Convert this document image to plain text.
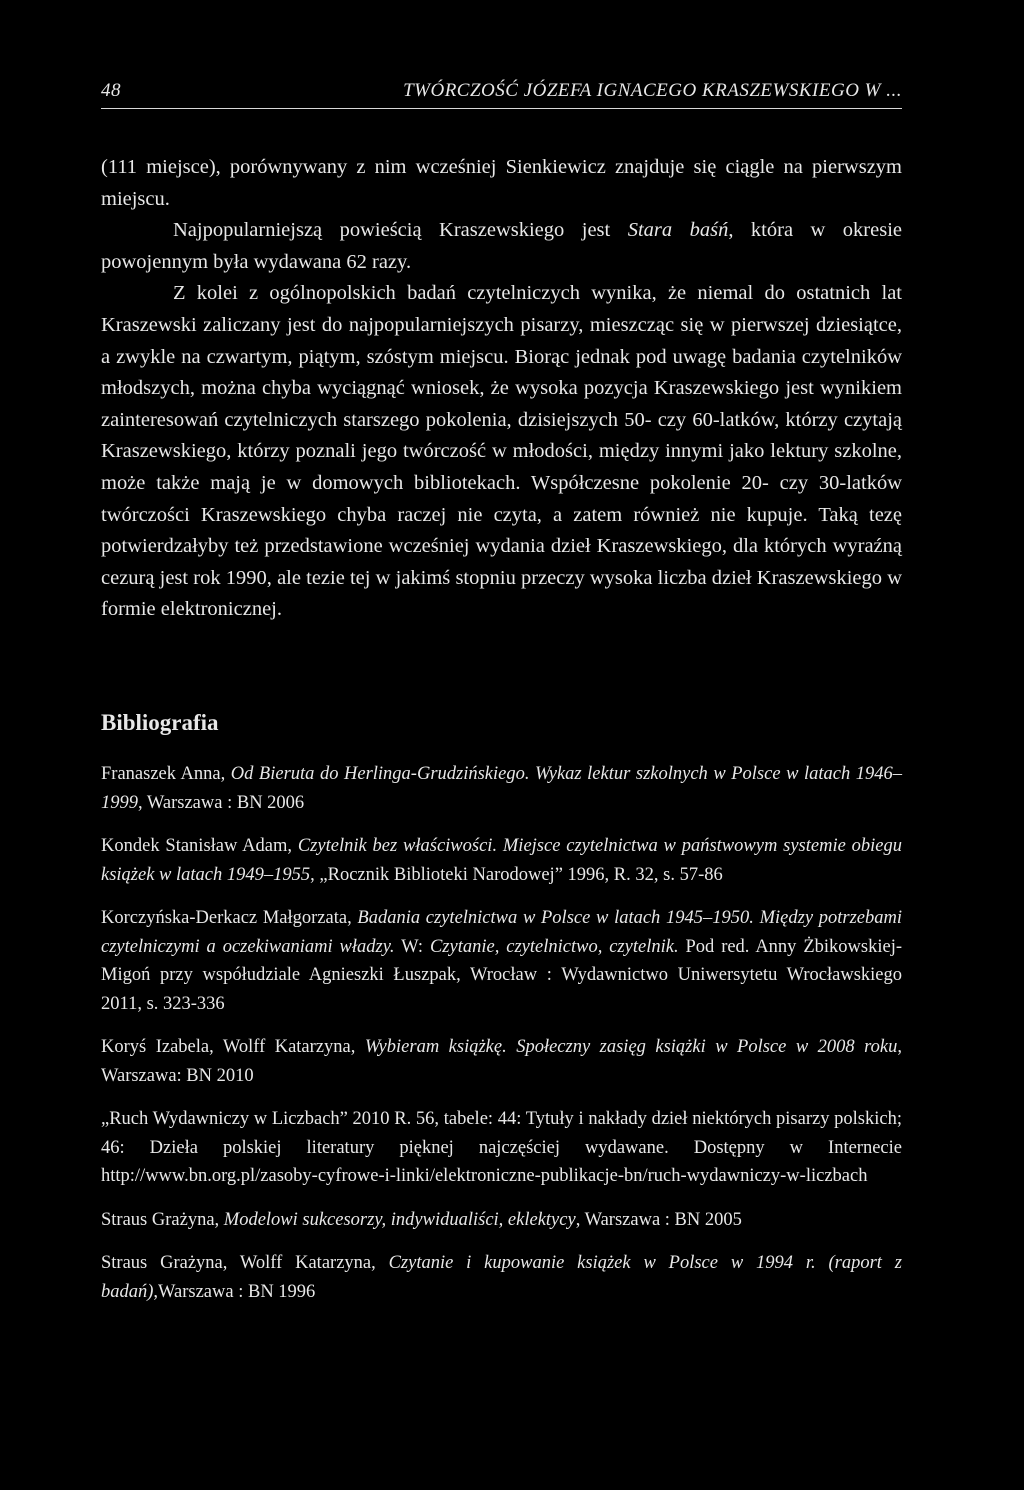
48	TWÓRCZOŚĆ JÓZEFA IGNACEGO KRASZEWSKIEGO W ...

(111 miejsce), porównywany z nim wcześniej Sienkiewicz znajduje się ciągle na pierwszym miejscu.

Najpopularniejszą powieścią Kraszewskiego jest Stara baśń, która w okresie powojennym była wydawana 62 razy.

Z kolei z ogólnopolskich badań czytelniczych wynika, że niemal do ostatnich lat Kraszewski zaliczany jest do najpopularniejszych pisarzy, mieszcząc się w pierwszej dziesiątce, a zwykle na czwartym, piątym, szóstym miejscu. Biorąc jednak pod uwagę badania czytelników młodszych, można chyba wyciągnąć wniosek, że wysoka pozycja Kraszewskiego jest wynikiem zainteresowań czytelniczych starszego pokolenia, dzisiejszych 50- czy 60-latków, którzy czytają Kraszewskiego, którzy poznali jego twórczość w młodości, między innymi jako lektury szkolne, może także mają je w domowych bibliotekach. Współczesne pokolenie 20- czy 30-latków twórczości Kraszewskiego chyba raczej nie czyta, a zatem również nie kupuje. Taką tezę potwierdzałyby też przedstawione wcześniej wydania dzieł Kraszewskiego, dla których wyraźną cezurą jest rok 1990, ale tezie tej w jakimś stopniu przeczy wysoka liczba dzieł Kraszewskiego w formie elektronicznej.

Bibliografia

Franaszek Anna, Od Bieruta do Herlinga-Grudzińskiego. Wykaz lektur szkolnych w Polsce w latach 1946–1999, Warszawa : BN 2006

Kondek Stanisław Adam, Czytelnik bez właściwości. Miejsce czytelnictwa w państwowym systemie obiegu książek w latach 1949–1955, „Rocznik Biblioteki Narodowej” 1996, R. 32, s. 57-86

Korczyńska-Derkacz Małgorzata, Badania czytelnictwa w Polsce w latach 1945–1950. Między potrzebami czytelniczymi a oczekiwaniami władzy. W: Czytanie, czytelnictwo, czytelnik. Pod red. Anny Żbikowskiej-Migoń przy współudziale Agnieszki Łuszpak, Wrocław : Wydawnictwo Uniwersytetu Wrocławskiego 2011, s. 323-336

Koryś Izabela, Wolff Katarzyna, Wybieram książkę. Społeczny zasięg książki w Polsce w 2008 roku, Warszawa: BN 2010

„Ruch Wydawniczy w Liczbach” 2010 R. 56, tabele: 44: Tytuły i nakłady dzieł niektórych pisarzy polskich; 46: Dzieła polskiej literatury pięknej najczęściej wydawane. Dostępny w Internecie http://www.bn.org.pl/zasoby-cyfrowe-i-linki/elektroniczne-publikacje-bn/ruch-wydawniczy-w-liczbach

Straus Grażyna, Modelowi sukcesorzy, indywidualiści, eklektycy, Warszawa : BN 2005

Straus Grażyna, Wolff Katarzyna, Czytanie i kupowanie książek w Polsce w 1994 r. (raport z badań),Warszawa : BN 1996
